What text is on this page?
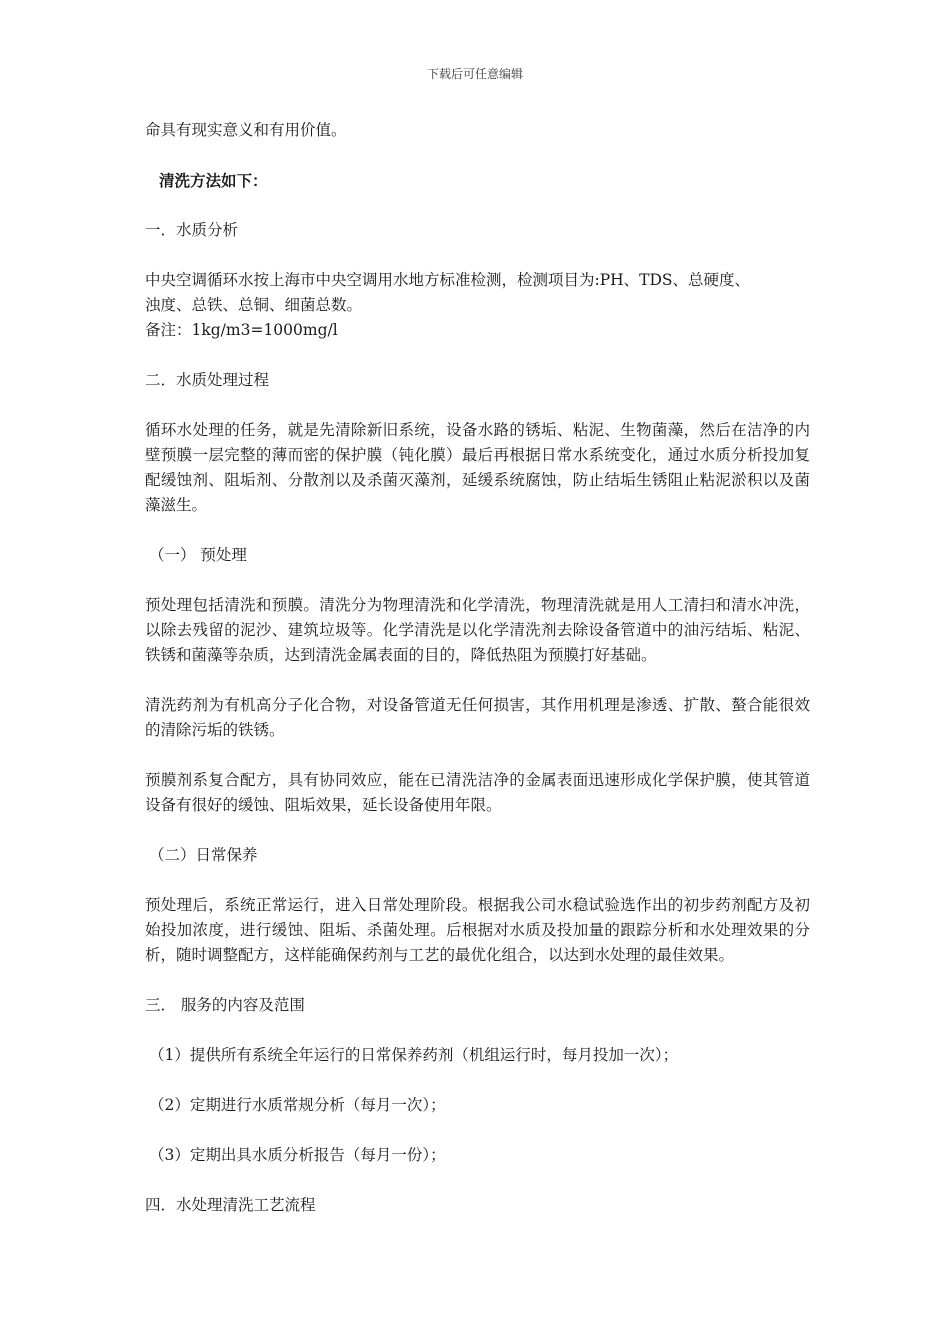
下载后可任意编辑

命具有现实意义和有用价值。

清洗方法如下：

一．水质分析

中央空调循环水按上海市中央空调用水地方标准检测，检测项目为:PH、TDS、总硬度、

浊度、总铁、总铜、细菌总数。

备注：1kg/m3=1000mg/l

二．水质处理过程

循环水处理的任务，就是先清除新旧系统，设备水路的锈垢、粘泥、生物菌藻，然后在洁净的内壁预膜一层完整的薄而密的保护膜（钝化膜）最后再根据日常水系统变化，通过水质分析投加复配缓蚀剂、阻垢剂、分散剂以及杀菌灭藻剂，延缓系统腐蚀，防止结垢生锈阻止粘泥淤积以及菌藻滋生。

（一） 预处理

预处理包括清洗和预膜。清洗分为物理清洗和化学清洗，物理清洗就是用人工清扫和清水冲洗，以除去残留的泥沙、建筑垃圾等。化学清洗是以化学清洗剂去除设备管道中的油污结垢、粘泥、铁锈和菌藻等杂质，达到清洗金属表面的目的，降低热阻为预膜打好基础。

清洗药剂为有机高分子化合物，对设备管道无任何损害，其作用机理是渗透、扩散、螯合能很效的清除污垢的铁锈。

预膜剂系复合配方，具有协同效应，能在已清洗洁净的金属表面迅速形成化学保护膜，使其管道设备有很好的缓蚀、阻垢效果，延长设备使用年限。

（二）日常保养

预处理后，系统正常运行，进入日常处理阶段。根据我公司水稳试验选作出的初步药剂配方及初始投加浓度，进行缓蚀、阻垢、杀菌处理。后根据对水质及投加量的跟踪分析和水处理效果的分析，随时调整配方，这样能确保药剂与工艺的最优化组合，以达到水处理的最佳效果。

三． 服务的内容及范围

（1）提供所有系统全年运行的日常保养药剂（机组运行时，每月投加一次）；

（2）定期进行水质常规分析（每月一次）；

（3）定期出具水质分析报告（每月一份）；

四．水处理清洗工艺流程
